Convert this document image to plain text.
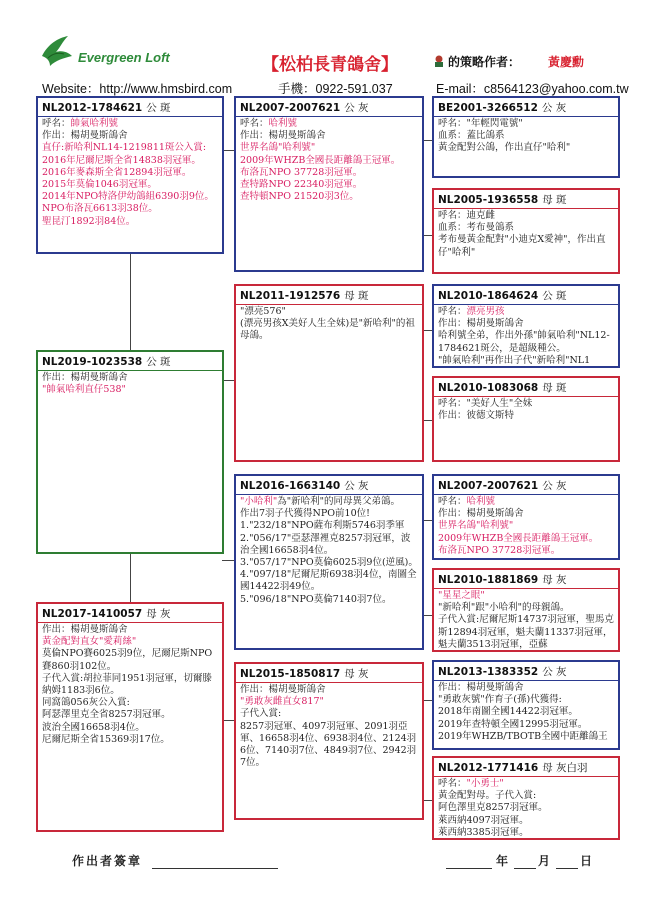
Evergreen Loft
Website：http://www.hmsbird.com
【松柏長青鴿舍】
手機：0922-591.037
的策略作者： 黃慶勳
E-mail：c8564123@yahoo.com.tw
NL2012-1784621 公 斑
呼名：帥氣哈利號
作出：楊胡曼斯鴿舍
直仔:新哈利NL14-1219811斑公入賞:
2016年尼爾尼斯全省14838羽冠軍。
2016年麥森斯全省12894羽冠軍。
2015年莫倫1046羽冠軍。
2014年NPO特洛伊幼鴿組6390羽9位。
NPO布洛瓦6613羽38位。
聖昆汀1892羽84位。
NL2019-1023538 公 斑
作出：楊胡曼斯鴿舍
"帥氣哈利直仔538"
NL2017-1410057 母 灰
作出：楊胡曼斯鴿舍
黃金配對直女"愛莉絲"
莫倫NPO賽6025羽9位，尼爾尼斯NPO賽860羽102位。
子代入賞:胡拉菲同1951羽冠軍，切爾滕納姆1183羽6位。
同窩鴿056灰公入賞:
阿瑟澤里克全省8257羽冠軍。
波治全國16658羽4位。
尼爾尼斯全省15369羽17位。
NL2007-2007621 公 灰
呼名：哈利號
作出：楊胡曼斯鴿舍
世界名鴿"哈利號"
2009年WHZB全國長距離鴿王冠軍。
布洛瓦NPO 37728羽冠軍。
查特路NPO 22340羽冠軍。
查特頓NPO 21520羽3位。
NL2011-1912576 母 斑
"漂亮576"
(漂亮男孩X美好人生全妹)是"新哈利"的祖母鴿。
NL2016-1663140 公 灰
"小哈利"為"新哈利"的同母異父弟鴿。
作出7羽子代獲得NPO前10位!
1."232/18"NPO薩布利斯5746羽季軍
2."056/17"亞瑟澤裡克8257羽冠軍，波治全國16658羽4位。
3."057/17"NPO莫倫6025羽9位(逆風)。
4."097/18"尼爾尼斯6938羽4位，南圖全國14422羽49位。
5."096/18"NPO莫倫7140羽7位。
NL2015-1850817 母 灰
作出：楊胡曼斯鴿舍
"勇敢灰雌直女817"
子代入賞:
8257羽冠軍、4097羽冠軍、2091羽亞軍、16658羽4位、6938羽4位、2124羽6位、7140羽7位、4849羽7位、2942羽7位。
BE2001-3266512 公 灰
呼名："年輕閃電號"
血系：蓋比鴿系
黃金配對公鴿，作出直仔"哈利"
NL2005-1936558 母 斑
呼名：迪克雌
血系：考布曼鴿系
考布曼黃金配對"小迪克X愛神"，作出直仔"哈利"
NL2010-1864624 公 斑
呼名：漂亮男孩
作出：楊胡曼斯鴿舍
哈利號全弟，作出外孫"帥氣哈利"NL12-1784621斑公，是超級種公。
"帥氣哈利"再作出子代"新哈利"NL1
NL2010-1083068 母 斑
呼名："美好人生"全妹
作出：彼德文斯特
NL2007-2007621 公 灰
呼名：哈利號
作出：楊胡曼斯鴿舍
世界名鴿"哈利號"
2009年WHZB全國長距離鴿王冠軍。
布洛瓦NPO 37728羽冠軍。
NL2010-1881869 母 灰
"星星之眼"
"新哈利"跟"小哈利"的母親鴿。
子代入賞:尼爾尼斯14737羽冠軍，聖馬克斯12894羽冠軍，魁夫蘭11337羽冠軍，魁夫蘭3513羽冠軍，亞蘇
NL2013-1383352 公 灰
作出：楊胡曼斯鴿舍
"勇敢灰號"作育子(孫)代獲得:
2018年南圖全國14422羽冠軍。
2019年查特頓全國12995羽冠軍。
2019年WHZB/TBOTB全國中距離鴿王
NL2012-1771416 母 灰白羽
呼名："小勇士"
黃金配對母。子代入賞:
阿色澤里克8257羽冠軍。
萊西納4097羽冠軍。
萊西納3385羽冠軍。
作出者簽章	年 月 日
